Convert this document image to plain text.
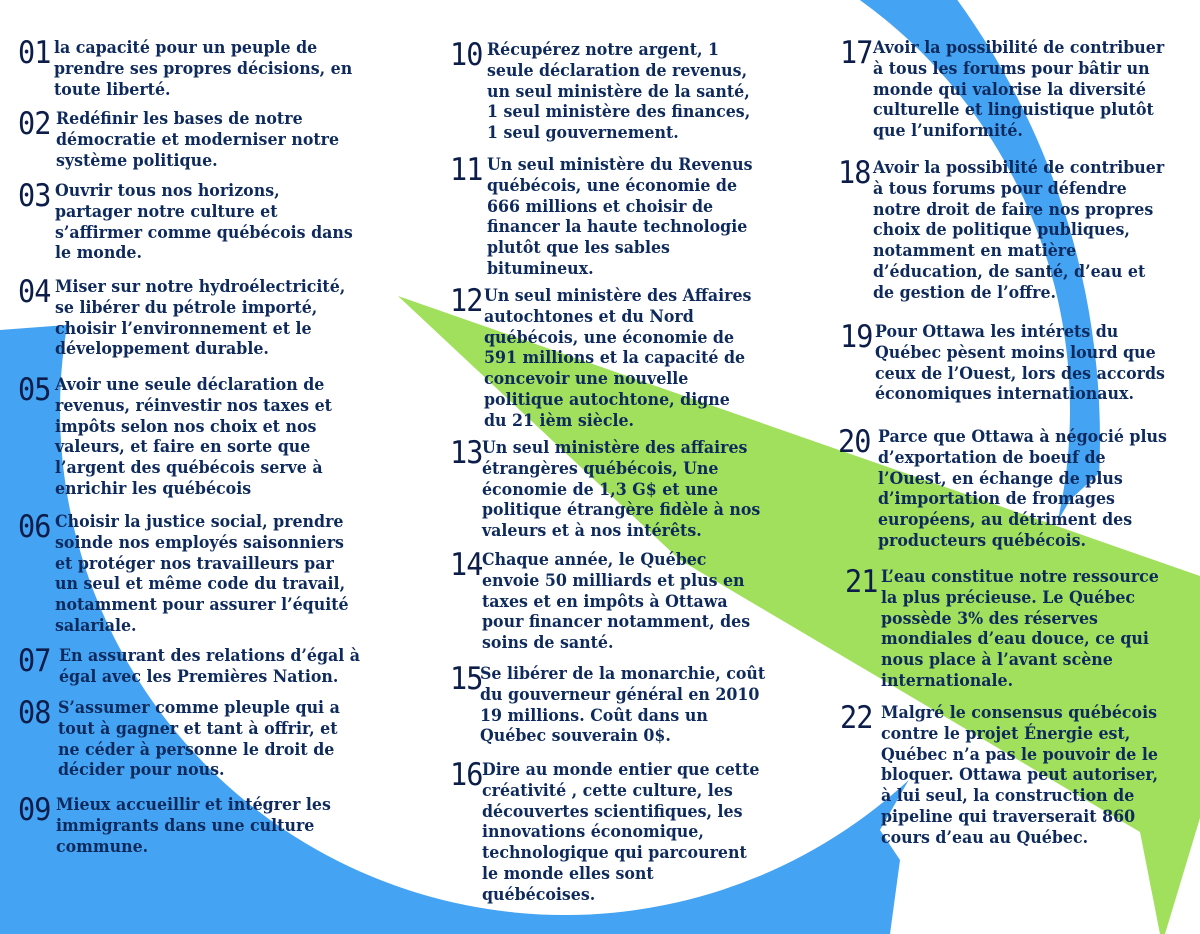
01 la capacité pour un peuple de
prendre ses propres décisions, en
toute liberté.
02 Redéfinir les bases de notre
démocratie et moderniser notre
système politique.
03 Ouvrir tous nos horizons,
partager notre culture et
s’affirmer comme québécois dans
le monde.
04 Miser sur notre hydroélectricité,
se libérer du pétrole importé,
choisir l’environnement et le
développement durable.
05 Avoir une seule déclaration de
revenus, réinvestir nos taxes et
impôts selon nos choix et nos
valeurs, et faire en sorte que
l’argent des québécois serve à
enrichir les québécois
06 Choisir la justice social, prendre
soinde nos employés saisonniers
et protéger nos travailleurs par
un seul et même code du travail,
notamment pour assurer l’équité
salariale.
07 En assurant des relations d’égal à
égal avec les Premières Nation.
08 S’assumer comme pleuple qui a
tout à gagner et tant à offrir, et
ne céder à personne le droit de
décider pour nous.
09 Mieux accueillir et intégrer les
immigrants dans une culture
commune.
10 Récupérez notre argent, 1
seule déclaration de revenus,
un seul ministère de la santé,
1 seul ministère des finances,
1 seul gouvernement.
11 Un seul ministère du Revenus
québécois, une économie de
666 millions et choisir de
financer la haute technologie
plutôt que les sables
bitumineux.
12 Un seul ministère des Affaires
autochtones et du Nord
québécois, une économie de
591 millions et la capacité de
concevoir une nouvelle
politique autochtone, digne
du 21 ièm siècle.
13 Un seul ministère des affaires
étrangères québécois, Une
économie de 1,3 G$ et une
politique étrangère fidèle à nos
valeurs et à nos intérêts.
14 Chaque année, le Québec
envoie 50 milliards et plus en
taxes et en impôts à Ottawa
pour financer notamment, des
soins de santé.
15
Se libérer de la monarchie, coût
du gouverneur général en 2010
19 millions. Coût dans un
Québec souverain 0$.
16 Dire au monde entier que cette
créativité , cette culture, les
découvertes scientifiques, les
innovations économique,
technologique qui parcourent
le monde elles sont
québécoises.
17 Avoir la possibilité de contribuer
à tous les forums pour bâtir un
monde qui valorise la diversité
culturelle et linguistique plutôt
que l’uniformité.
18 Avoir la possibilité de contribuer
à tous forums pour défendre
notre droit de faire nos propres
choix de politique publiques,
notamment en matière
d’éducation, de santé, d’eau et
de gestion de l’offre.
19 Pour Ottawa les intérets du
Québec pèsent moins lourd que
ceux de l’Ouest, lors des accords
économiques internationaux.
20 Parce que Ottawa à négocié plus
d’exportation de boeuf de
l’Ouest, en échange de plus
d’importation de fromages
européens, au détriment des
producteurs québécois.
21 L’eau constitue notre ressource
la plus précieuse. Le Québec
possède 3% des réserves
mondiales d’eau douce, ce qui
nous place à l’avant scène
internationale.
22 Malgré le consensus québécois
contre le projet Énergie est,
Québec n’a pas le pouvoir de le
bloquer. Ottawa peut autoriser,
à lui seul, la construction de
pipeline qui traverserait 860
cours d’eau au Québec.
